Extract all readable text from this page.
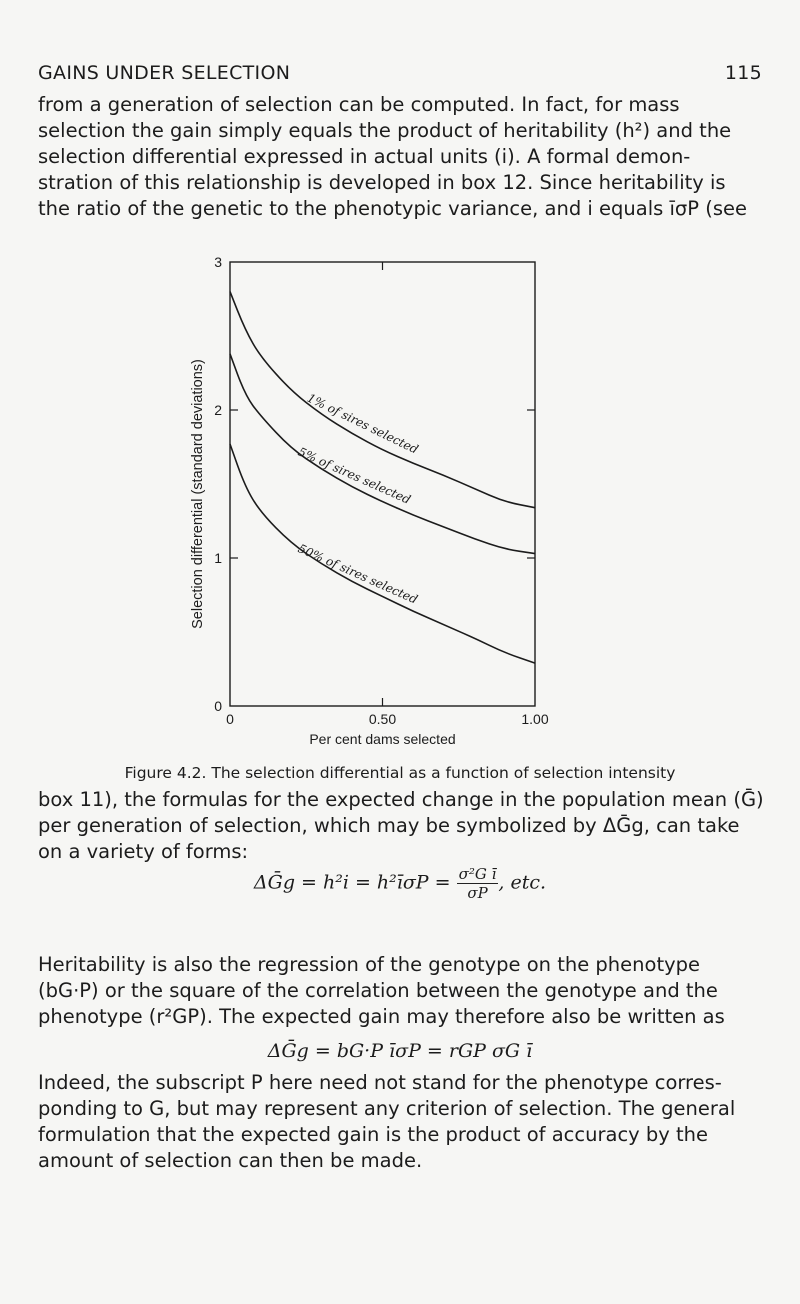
GAINS UNDER SELECTION	115

from a generation of selection can be computed. In fact, for mass
selection the gain simply equals the product of heritability (h²) and the
selection differential expressed in actual units (i). A formal demon-
stration of this relationship is developed in box 12. Since heritability is
the ratio of the genetic to the phenotypic variance, and i equals īσP (see

0
1
2
3
0	0.50	1.00
Per cent dams selected
Selection differential (standard deviations)	1% of sires selected
5% of sires selected
50% of sires selected
Figure 4.2. The selection differential as a function of selection intensity

box 11), the formulas for the expected change in the population mean (Ḡ)
per generation of selection, which may be symbolized by ΔḠg, can take
on a variety of forms:

ΔḠg = h²i = h²īσP = $\frac{\text{σ²G ī}}{\sigma P}$ , etc.

Heritability is also the regression of the genotype on the phenotype
(bG·P) or the square of the correlation between the genotype and the
phenotype (r²GP). The expected gain may therefore also be written as

ΔḠg = bG·P īσP = rGP σG ī

Indeed, the subscript P here need not stand for the phenotype corres-
ponding to G, but may represent any criterion of selection. The general
formulation that the expected gain is the product of accuracy by the
amount of selection can then be made.
